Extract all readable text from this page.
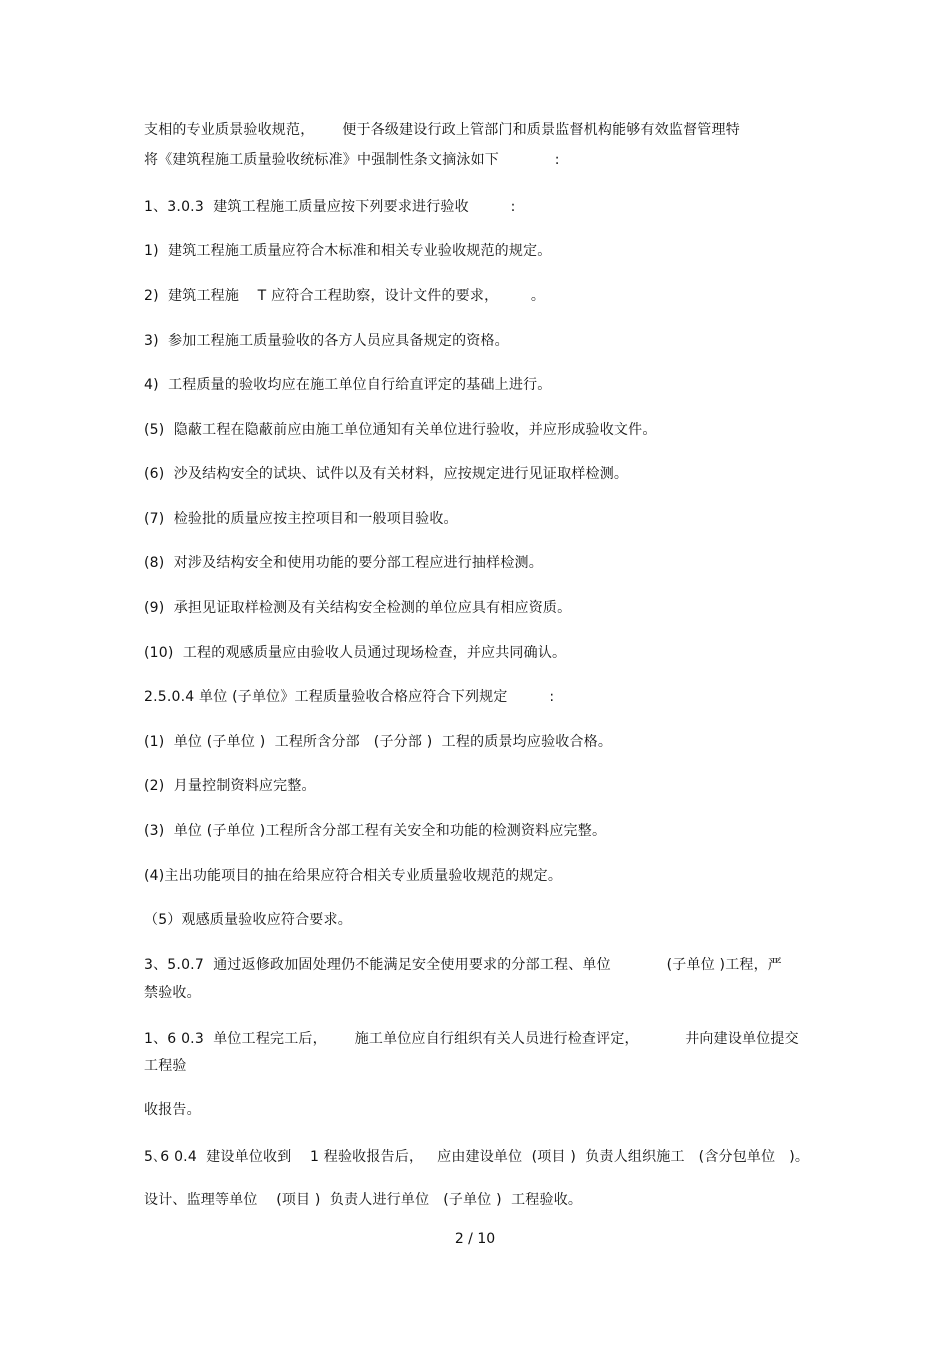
支相的专业质景验收规范，      便于各级建设行政上管部门和质景监督机构能够有效监督管理特
将《建筑程施工质量验收统标准》中强制性条文摘泳如下            :
1、3.0.3  建筑工程施工质量应按下列要求进行验收         :
1)  建筑工程施工质量应符合木标准和相关专业验收规范的规定。
2)  建筑工程施    T 应符合工程助察，设计文件的要求，       。
3)  参加工程施工质量验收的各方人员应具备规定的资格。
4)  工程质量的验收均应在施工单位自行给直评定的基础上进行。
(5)  隐蔽工程在隐蔽前应由施工单位通知有关单位进行验收，并应形成验收文件。
(6)  沙及结构安全的试块、试件以及有关材料，应按规定进行见证取样检测。
(7)  检验批的质量应按主控项目和一般项目验收。
(8)  对涉及结构安全和使用功能的要分部工程应进行抽样检测。
(9)  承担见证取样检测及有关结构安全检测的单位应具有相应资质。
(10)  工程的观感质量应由验收人员通过现场检查，并应共同确认。
2.5.0.4 单位 (子单位》工程质量验收合格应符合下列规定         :
(1)  单位 (子单位 )  工程所含分部   (子分部 )  工程的质景均应验收合格。
(2)  月量控制资料应完整。
(3)  单位 (子单位 )工程所含分部工程有关安全和功能的检测资料应完整。
(4)主出功能项目的抽在给果应符合相关专业质量验收规范的规定。
（5）观感质量验收应符合要求。
3、5.0.7  通过返修政加固处理仍不能满足安全使用要求的分部工程、单位            (子单位 )工程，严
禁验收。
1、6 0.3  单位工程完工后，      施工单位应自行组织有关人员进行检查评定，          井向建设单位提交
工程验
收报告。
5､6 0.4  建设单位收到    1 程验收报告后，   应由建设单位  (项目 )  负责人组织施工   (含分包单位   )。
设计、监理等单位    (项目 )  负责人进行单位   (子单位 )  工程验收。
2 / 10
